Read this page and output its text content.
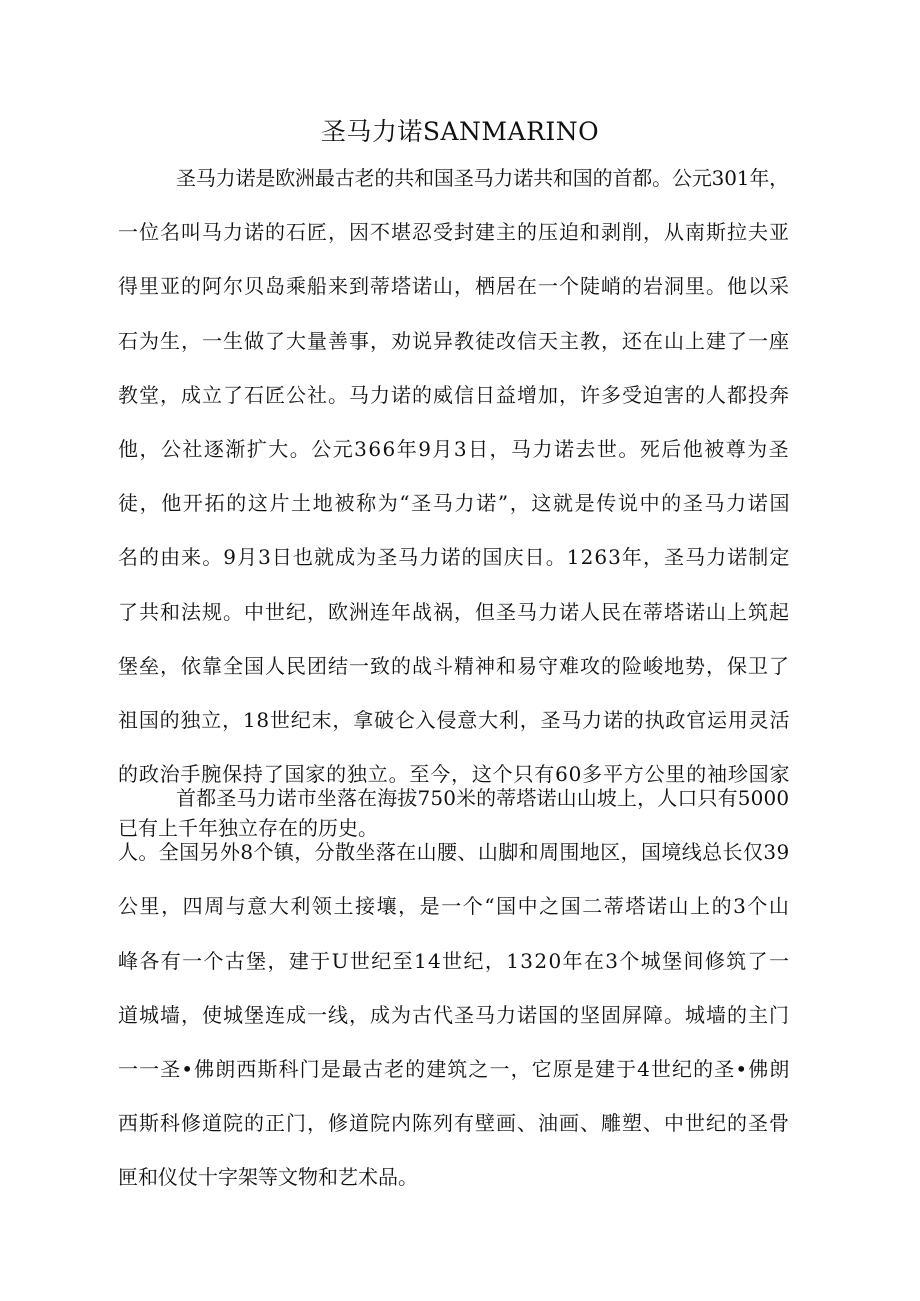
圣马力诺SANMARINO
圣马力诺是欧洲最古老的共和国圣马力诺共和国的首都。公元301年，
一位名叫马力诺的石匠，因不堪忍受封建主的压迫和剥削，从南斯拉夫亚
得里亚的阿尔贝岛乘船来到蒂塔诺山，栖居在一个陡峭的岩洞里。他以采
石为生，一生做了大量善事，劝说异教徒改信天主教，还在山上建了一座
教堂，成立了石匠公社。马力诺的威信日益增加，许多受迫害的人都投奔
他，公社逐渐扩大。公元366年9月3日，马力诺去世。死后他被尊为圣
徒，他开拓的这片土地被称为“圣马力诺”，这就是传说中的圣马力诺国
名的由来。9月3日也就成为圣马力诺的国庆日。1263年，圣马力诺制定
了共和法规。中世纪，欧洲连年战祸，但圣马力诺人民在蒂塔诺山上筑起
堡垒，依靠全国人民团结一致的战斗精神和易守难攻的险峻地势，保卫了
祖国的独立，18世纪末，拿破仑入侵意大利，圣马力诺的执政官运用灵活
的政治手腕保持了国家的独立。至今，这个只有60多平方公里的袖珍国家
已有上千年独立存在的历史。
首都圣马力诺市坐落在海拔750米的蒂塔诺山山坡上，人口只有5000
人。全国另外8个镇，分散坐落在山腰、山脚和周围地区，国境线总长仅39
公里，四周与意大利领土接壤，是一个“国中之国二蒂塔诺山上的3个山
峰各有一个古堡，建于U世纪至14世纪，1320年在3个城堡间修筑了一
道城墙，使城堡连成一线，成为古代圣马力诺国的坚固屏障。城墙的主门
一一圣•佛朗西斯科门是最古老的建筑之一，它原是建于4世纪的圣•佛朗
西斯科修道院的正门，修道院内陈列有壁画、油画、雕塑、中世纪的圣骨
匣和仪仗十字架等文物和艺术品。
